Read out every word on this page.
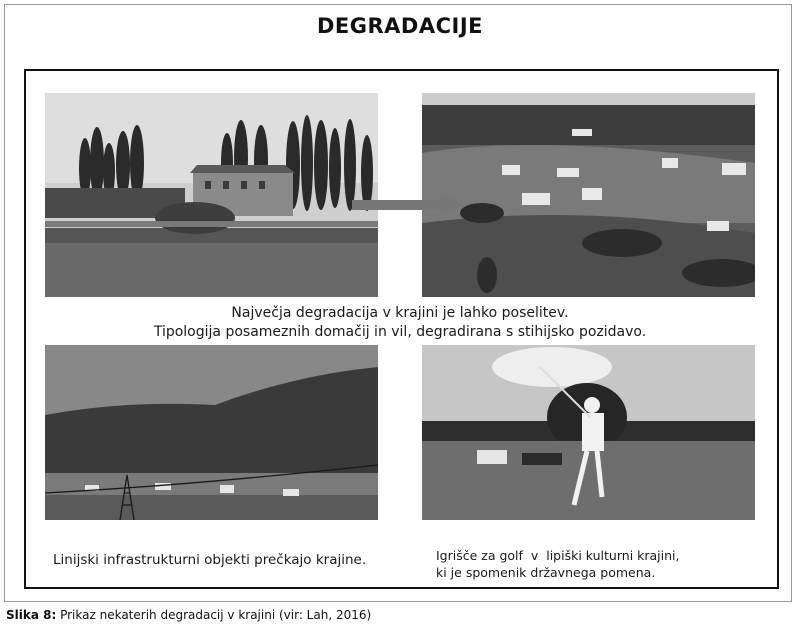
DEGRADACIJE
Največja degradacija v krajini je lahko poselitev.
Tipologija posameznih domačij in vil, degradirana s stihijsko pozidavo.
Linijski infrastrukturni objekti prečkajo krajine.	Igrišče za golf  v  lipiški kulturni krajini,
ki je spomenik državnega pomena.
Slika 8: Prikaz nekaterih degradacij v krajini (vir: Lah, 2016)
